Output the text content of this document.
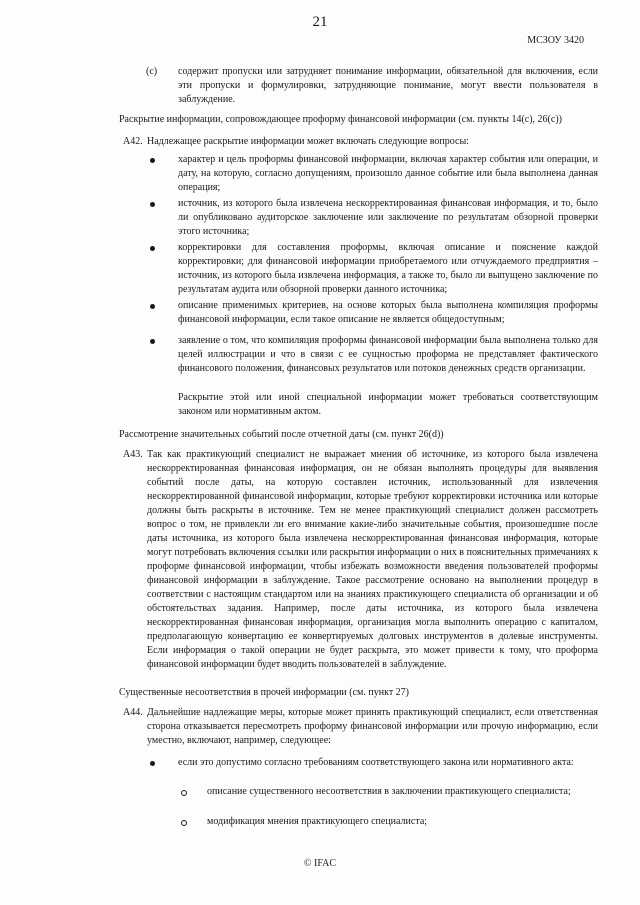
21
МСЗОУ 3420
(с) содержит пропуски или затрудняет понимание информации, обязательной для включения, если эти пропуски и формулировки, затрудняющие понимание, могут ввести пользователя в заблуждение.
Раскрытие информации, сопровождающее проформу финансовой информации (см. пункты 14(c), 26(c))
A42. Надлежащее раскрытие информации может включать следующие вопросы:
характер и цель проформы финансовой информации, включая характер события или операции, и дату, на которую, согласно допущениям, произошло данное событие или была выполнена данная операция;
источник, из которого была извлечена нескорректированная финансовая информация, и то, было ли опубликовано аудиторское заключение или заключение по результатам обзорной проверки этого источника;
корректировки для составления проформы, включая описание и пояснение каждой корректировки; для финансовой информации приобретаемого или отчуждаемого предприятия – источник, из которого была извлечена информация, а также то, было ли выпущено заключение по результатам аудита или обзорной проверки данного источника;
описание применимых критериев, на основе которых была выполнена компиляция проформы финансовой информации, если такое описание не является общедоступным;
заявление о том, что компиляция проформы финансовой информации была выполнена только для целей иллюстрации и что в связи с ее сущностью проформа не представляет фактического финансового положения, финансовых результатов или потоков денежных средств организации.
Раскрытие этой или иной специальной информации может требоваться соответствующим законом или нормативным актом.
Рассмотрение значительных событий после отчетной даты (см. пункт 26(d))
A43. Так как практикующий специалист не выражает мнения об источнике, из которого была извлечена нескорректированная финансовая информация, он не обязан выполнять процедуры для выявления событий после даты, на которую составлен источник, использованный для извлечения нескорректированной финансовой информации, которые требуют корректировки источника или которые должны быть раскрыты в источнике. Тем не менее практикующий специалист должен рассмотреть вопрос о том, не привлекли ли его внимание какие-либо значительные события, произошедшие после даты источника, из которого была извлечена нескорректированная финансовая информация, которые могут потребовать включения ссылки или раскрытия информации о них в пояснительных примечаниях к проформе финансовой информации, чтобы избежать возможности введения пользователей проформы финансовой информации в заблуждение. Такое рассмотрение основано на выполнении процедур в соответствии с настоящим стандартом или на знаниях практикующего специалиста об организации и об обстоятельствах задания. Например, после даты источника, из которого была извлечена нескорректированная финансовая информация, организация могла выполнить операцию с капиталом, предполагающую конвертацию ее конвертируемых долговых инструментов в долевые инструменты. Если информация о такой операции не будет раскрыта, это может привести к тому, что проформа финансовой информации будет вводить пользователей в заблуждение.
Существенные несоответствия в прочей информации (см. пункт 27)
A44. Дальнейшие надлежащие меры, которые может принять практикующий специалист, если ответственная сторона отказывается пересмотреть проформу финансовой информации или прочую информацию, если уместно, включают, например, следующее:
если это допустимо согласно требованиям соответствующего закона или нормативного акта:
описание существенного несоответствия в заключении практикующего специалиста;
модификация мнения практикующего специалиста;
© IFAC
